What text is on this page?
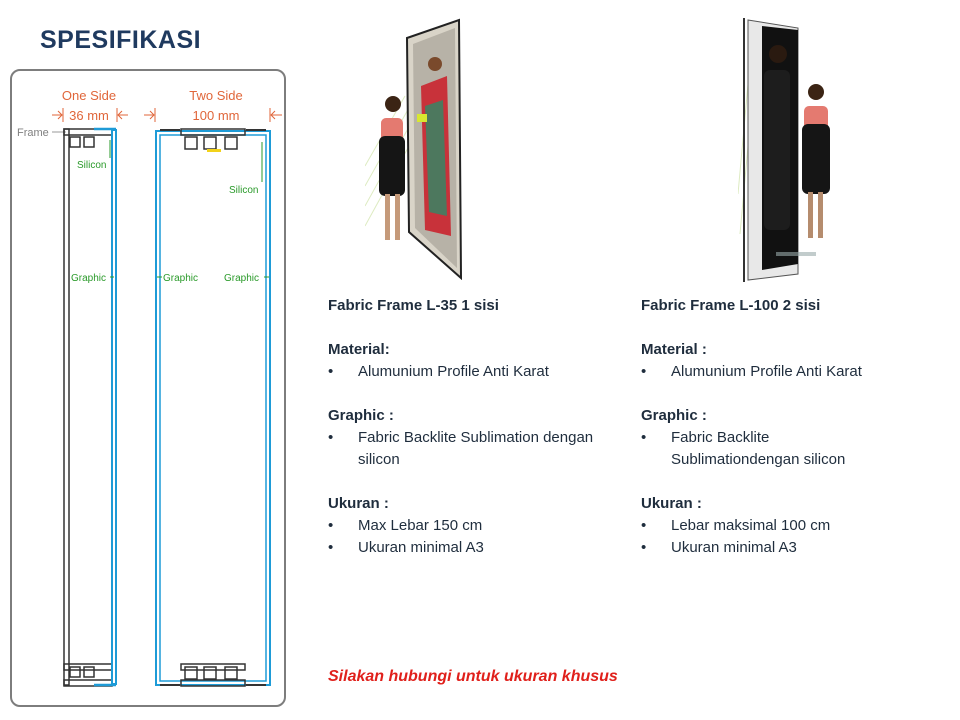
SPESIFIKASI
One Side
36 mm
Two Side
100 mm
Frame
Silicon
Graphic
Silicon
Graphic	Graphic
Fabric Frame L-35 1 sisi
Material:
• Alumunium Profile Anti Karat
Graphic :
• Fabric Backlite Sublimation dengan silicon
Ukuran :
• Max Lebar 150 cm
• Ukuran minimal A3
Fabric Frame L-100 2 sisi
Material :
• Alumunium Profile Anti Karat
Graphic :
• Fabric Backlite Sublimationdengan silicon
Ukuran :
• Lebar maksimal 100 cm
• Ukuran minimal A3
Silakan hubungi untuk ukuran khusus
